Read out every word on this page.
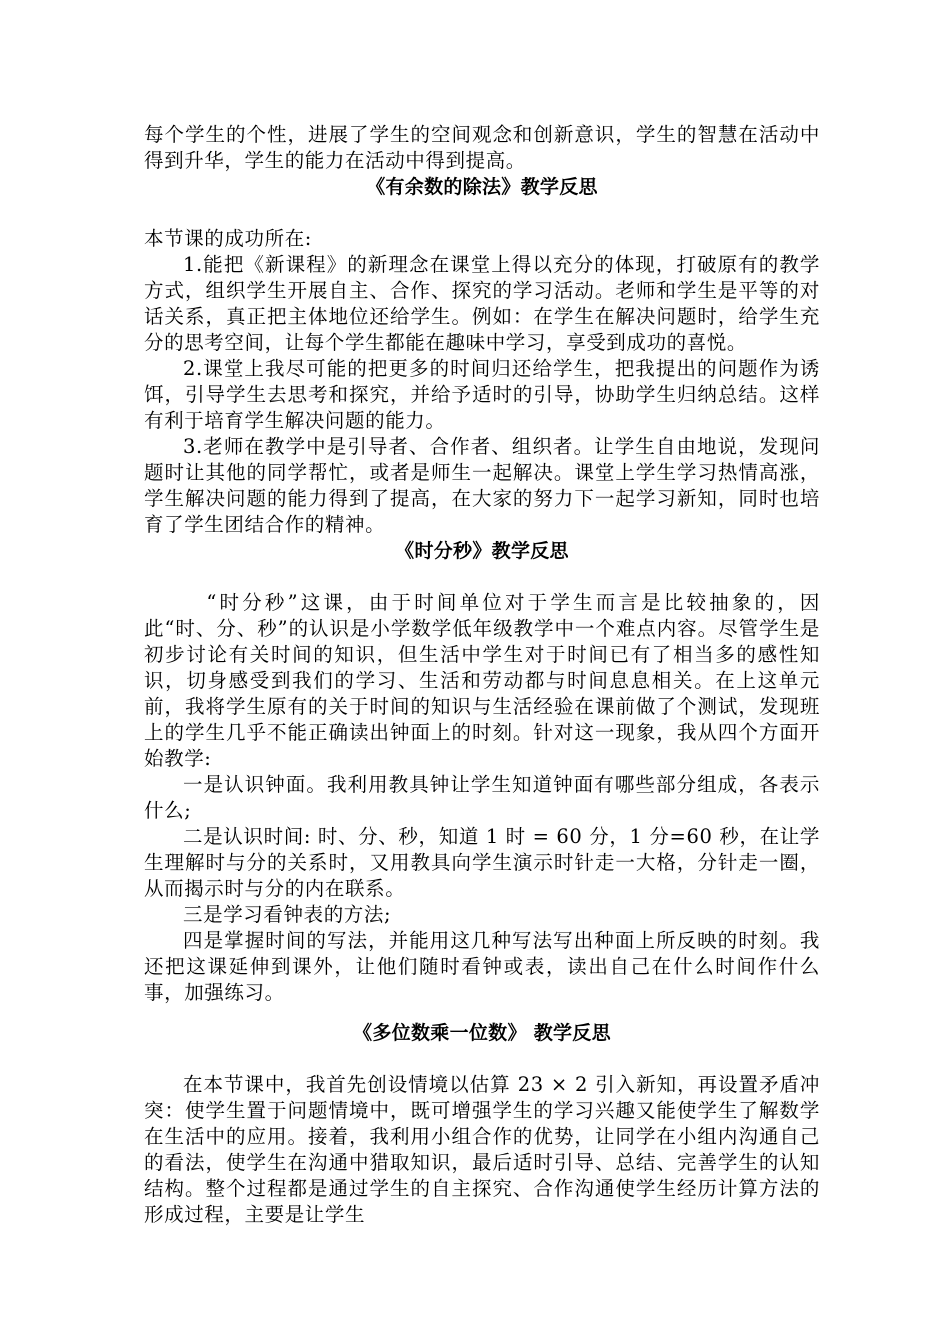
每个学生的个性，进展了学生的空间观念和创新意识，学生的智慧在活动中得到升华，学生的能力在活动中得到提高。

《有余数的除法》教学反思

本节课的成功所在:

1.能把《新课程》的新理念在课堂上得以充分的体现，打破原有的教学方式，组织学生开展自主、合作、探究的学习活动。老师和学生是平等的对话关系，真正把主体地位还给学生。例如：在学生在解决问题时，给学生充分的思考空间，让每个学生都能在趣味中学习，享受到成功的喜悦。

2.课堂上我尽可能的把更多的时间归还给学生，把我提出的问题作为诱饵，引导学生去思考和探究，并给予适时的引导，协助学生归纳总结。这样有利于培育学生解决问题的能力。

3.老师在教学中是引导者、合作者、组织者。让学生自由地说，发现问题时让其他的同学帮忙，或者是师生一起解决。课堂上学生学习热情高涨，学生解决问题的能力得到了提高，在大家的努力下一起学习新知，同时也培育了学生团结合作的精神。

《时分秒》教学反思

“时分秒”这课，由于时间单位对于学生而言是比较抽象的，因此“时、分、秒”的认识是小学数学低年级教学中一个难点内容。尽管学生是初步讨论有关时间的知识，但生活中学生对于时间已有了相当多的感性知识，切身感受到我们的学习、生活和劳动都与时间息息相关。在上这单元前，我将学生原有的关于时间的知识与生活经验在课前做了个测试，发现班上的学生几乎不能正确读出钟面上的时刻。针对这一现象，我从四个方面开始教学:

一是认识钟面。我利用教具钟让学生知道钟面有哪些部分组成，各表示什么;

二是认识时间: 时、分、秒，知道 1 时 = 60 分，1 分=60 秒，在让学生理解时与分的关系时，又用教具向学生演示时针走一大格，分针走一圈，从而揭示时与分的内在联系。

三是学习看钟表的方法;

四是掌握时间的写法，并能用这几种写法写出种面上所反映的时刻。我还把这课延伸到课外，让他们随时看钟或表，读出自己在什么时间作什么事，加强练习。

《多位数乘一位数》 教学反思

在本节课中，我首先创设情境以估算 23 × 2 引入新知，再设置矛盾冲突：使学生置于问题情境中，既可增强学生的学习兴趣又能使学生了解数学在生活中的应用。接着，我利用小组合作的优势，让同学在小组内沟通自己的看法，使学生在沟通中猎取知识，最后适时引导、总结、完善学生的认知结构。整个过程都是通过学生的自主探究、合作沟通使学生经历计算方法的形成过程，主要是让学生
